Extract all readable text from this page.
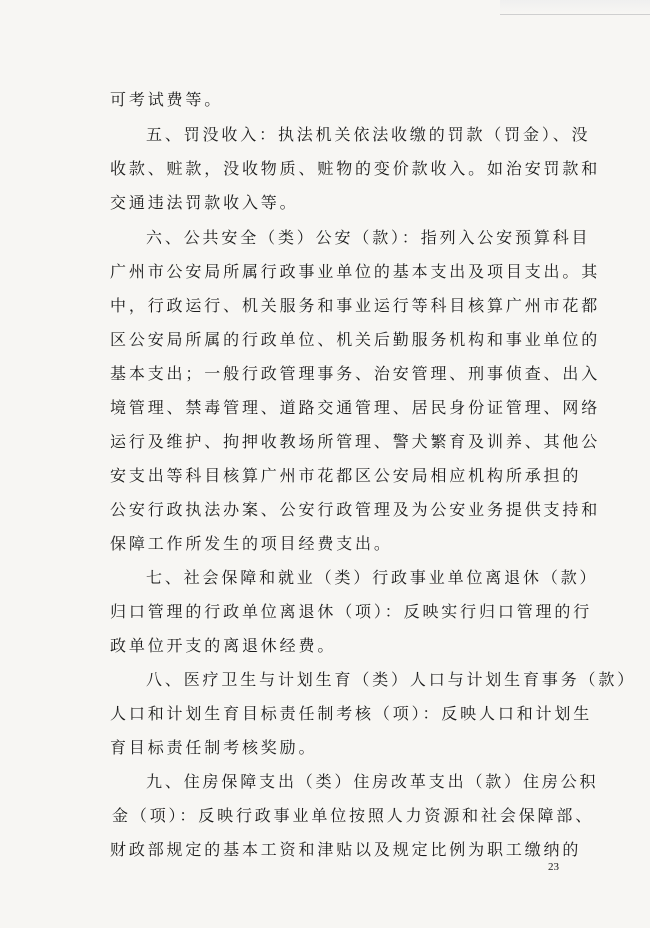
可考试费等。
五、罚没收入：执法机关依法收缴的罚款（罚金）、没
收款、赃款，没收物质、赃物的变价款收入。如治安罚款和
交通违法罚款收入等。
六、公共安全（类）公安（款）：指列入公安预算科目
广州市公安局所属行政事业单位的基本支出及项目支出。其
中，行政运行、机关服务和事业运行等科目核算广州市花都
区公安局所属的行政单位、机关后勤服务机构和事业单位的
基本支出；一般行政管理事务、治安管理、刑事侦查、出入
境管理、禁毒管理、道路交通管理、居民身份证管理、网络
运行及维护、拘押收教场所管理、警犬繁育及训养、其他公
安支出等科目核算广州市花都区公安局相应机构所承担的
公安行政执法办案、公安行政管理及为公安业务提供支持和
保障工作所发生的项目经费支出。
七、社会保障和就业（类）行政事业单位离退休（款）
归口管理的行政单位离退休（项）：反映实行归口管理的行
政单位开支的离退休经费。
八、医疗卫生与计划生育（类）人口与计划生育事务（款）
人口和计划生育目标责任制考核（项）：反映人口和计划生
育目标责任制考核奖励。
九、住房保障支出（类）住房改革支出（款）住房公积
金（项）：反映行政事业单位按照人力资源和社会保障部、
财政部规定的基本工资和津贴以及规定比例为职工缴纳的
23
